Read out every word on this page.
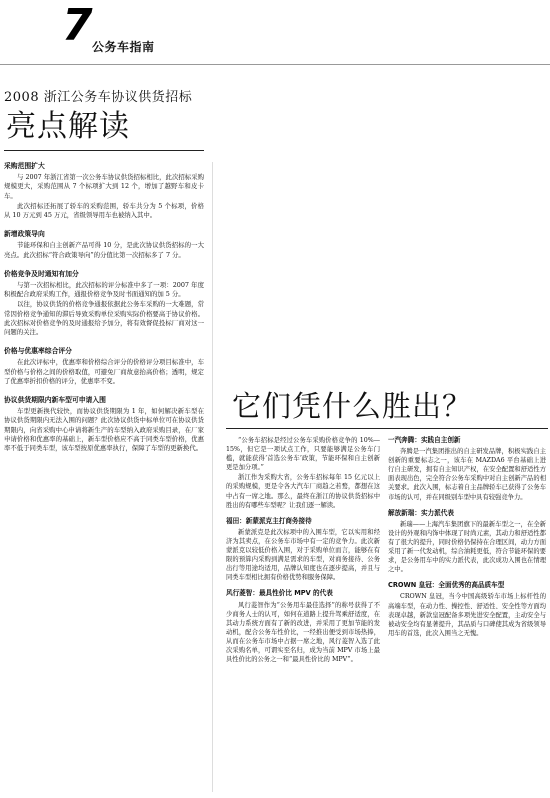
7 公务车指南
2008 浙江公务车协议供货招标
亮点解读
采购范围扩大

与 2007 年浙江省第一次公务车协议供货招标相比，此次招标采购规模更大，采购范围从 7 个标项扩大到 12 个，增加了越野车和皮卡车。

此次招标还拓展了轿车的采购范围，轿车共分为 5 个标项，价格从 10 万元到 45 万元，省级领导用车也被纳入其中。

新增政策导向

节能环保和自主创新产品可得 10 分，是此次协议供货招标的一大亮点。此次招标“符合政策导向”的分值比第一次招标多了 7 分。

价格竞争及时通知有加分

与第一次招标相比，此次招标的评分标准中多了一项：2007 年度积极配合政府采购工作，通报价格竞争及时书面通知的加 5 分。

以往，协议供货的价格竞争通报依据此公务车采购的一大难题，常常因价格竞争通知的滞后导致采购单位采购实际价格要高于协议价格。此次招标对价格竞争的及时通报给予加分，将有效督促投标厂商对这一问题的关注。

价格与优惠率综合评分

在此次评标中，优惠率和价格综合评分的价格评分项目标准中，车型价格与价格之间的价格取值，可避免厂商故意抬高价格；透明，规定了优惠率折扣价格的评分，优惠率不变。

协议供货期限内新车型可申请入围

车型更新换代较快，而协议供货期限为 1 年，如何解决新车型在协议供货期限内无法入围的问题？此次协议供货中标单位可在协议供货期限内，向省采购中心申请将新生产的车型纳入政府采购目录，在厂家申请价格和优惠率的基础上，新车型价格应不高于同类车型价格，优惠率不低于同类车型，该车型按原优惠率执行，保障了车型的更新换代。

它们凭什么胜出？

“公务车招标是经过公务车采购价格竞争的 10%—15%，但它是一项试点工作，只要能够满足公务车门槛，就能获得‘首选公务车’政策，节能环保和自主创新更是加分项。”

浙江作为采购大省，公务车招标每年 15 亿元以上的采购规模，更是令各大汽车厂商趋之若鹜，都想在这中占有一席之地。那么，最终在浙江的协议供货招标中胜出的有哪些车型呢？让我们逐一解读。

福田：新蒙派克主打商务接待

新蒙派克是此次标项中的入围车型，它以实用和经济为其卖点，在公务车市场中有一定的竞争力。此次新蒙派克以较低价格入围，对于采购单位而言，能够在有限的预算内采购到满足需求的车型，对商务接待、公务出行等用途均适用，品牌认知度也在逐步提高，并且与同类车型相比拥有价格优势和服务保障。

风行菱智：最具性价比 MPV 的代表

风行菱智作为“公务用车最佳选择”的称号获得了不少商务人士的认可，如何在道路上提升驾乘舒适度，在其动力系统方面有了新的改进，并采用了更加节能的发动机，配合公务车性价比，一经推出便受到市场热捧，从而在公务车市场中占据一席之地，风行菱智入选了此次采购名单，可谓实至名归，成为当前 MPV 市场上最具性价比的公务之一和“最具性价比的 MPV”。

一汽奔腾：实践自主创新

奔腾是一汽集团推出的自主研发品牌，积极实践自主创新的重要标志之一，该车在 MAZDA6 平台基础上进行自主研发，拥有自主知识产权，在安全配置和舒适性方面表现出色，完全符合公务车采购中对自主创新产品的相关要求。此次入围，标志着自主品牌轿车已获得了公务车市场的认可，并在同级别车型中具有较强竞争力。

解放新瑞：实力派代表

新瑞——上海汽车集团旗下的最新车型之一，在全新设计的外观和内饰中体现了时尚元素，其动力和舒适性都有了很大的提升，同时价格仍保持在合理区间，动力方面采用了新一代发动机，综合油耗更低，符合节能环保的要求，是公务用车中的实力派代表，此次成功入围也在情理之中。

CROWN 皇冠：全面优秀的高品质车型

CROWN 皇冠，当今中国高级轿车市场上标杆性的高端车型，在动力性、操控性、舒适性、安全性等方面均表现卓越，新款皇冠配备多项先进安全配置，主动安全与被动安全均有显著提升，其品质与口碑使其成为省级领导用车的首选，此次入围当之无愧。
